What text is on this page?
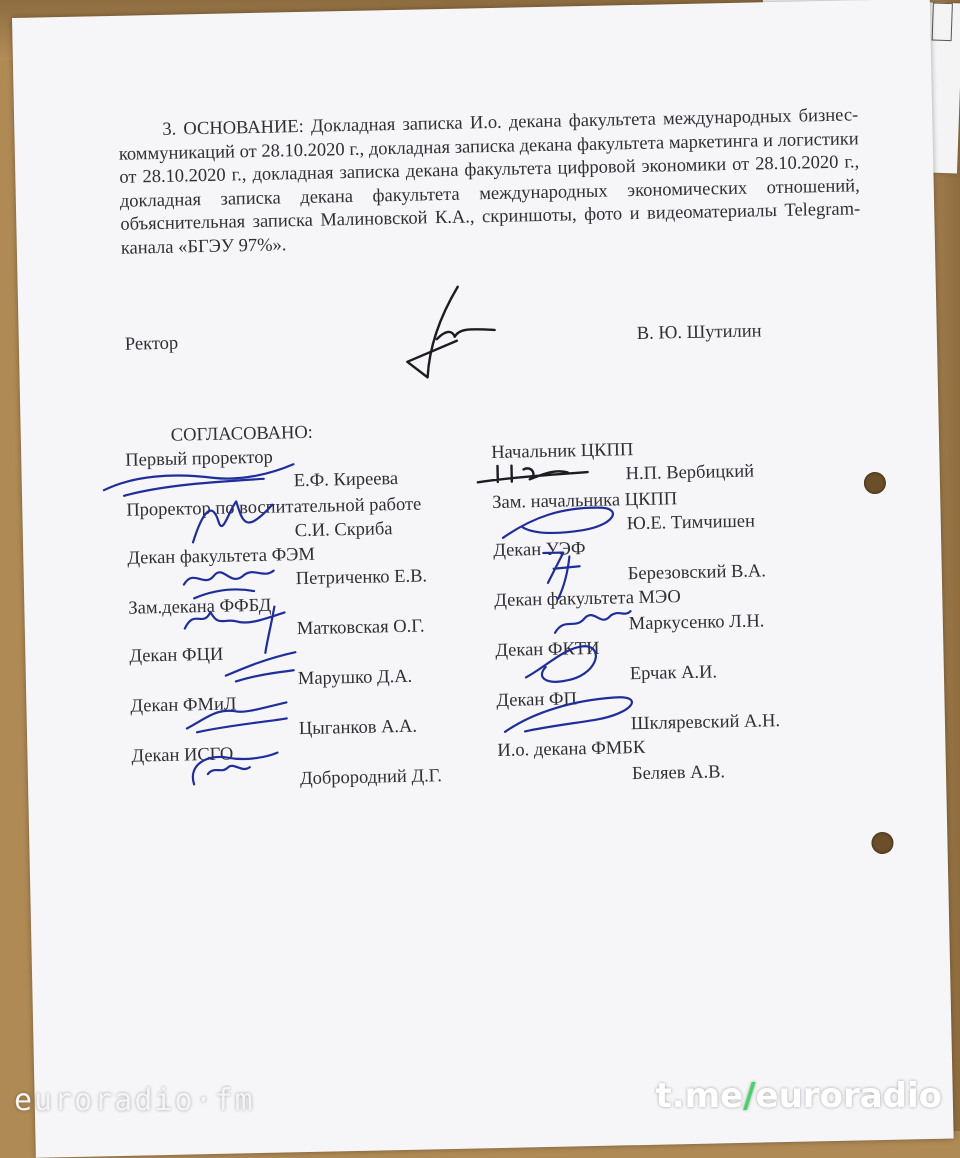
3. ОСНОВАНИЕ: Докладная записка И.о. декана факультета международных бизнес-коммуникаций от 28.10.2020 г., докладная записка декана факультета маркетинга и логистики от 28.10.2020 г., докладная записка декана факультета цифровой экономики от 28.10.2020 г., докладная записка декана факультета международных экономических отношений, объяснительная записка Малиновской К.А., скриншоты, фото и видеоматериалы Telegram-канала «БГЭУ 97%».
Ректор
В. Ю. Шутилин
СОГЛАСОВАНО:
Первый проректор
Е.Ф. Киреева
Проректор по воспитательной работе
С.И. Скриба
Декан факультета ФЭМ
Петриченко Е.В.
Зам.декана ФФБД
Матковская О.Г.
Декан ФЦИ
Марушко Д.А.
Декан ФМиЛ
Цыганков А.А.
Декан ИСГО
Доброродний Д.Г.
Начальник ЦКПП
Н.П. Вербицкий
Зам. начальника ЦКПП
Ю.Е. Тимчишен
Декан УЭФ
Березовский В.А.
Декан факультета МЭО
Маркусенко Л.Н.
Декан ФКТИ
Ерчак А.И.
Декан ФП
Шкляревский А.Н.
И.о. декана ФМБК
Беляев А.В.
euroradio·fm	t.me/euroradio
